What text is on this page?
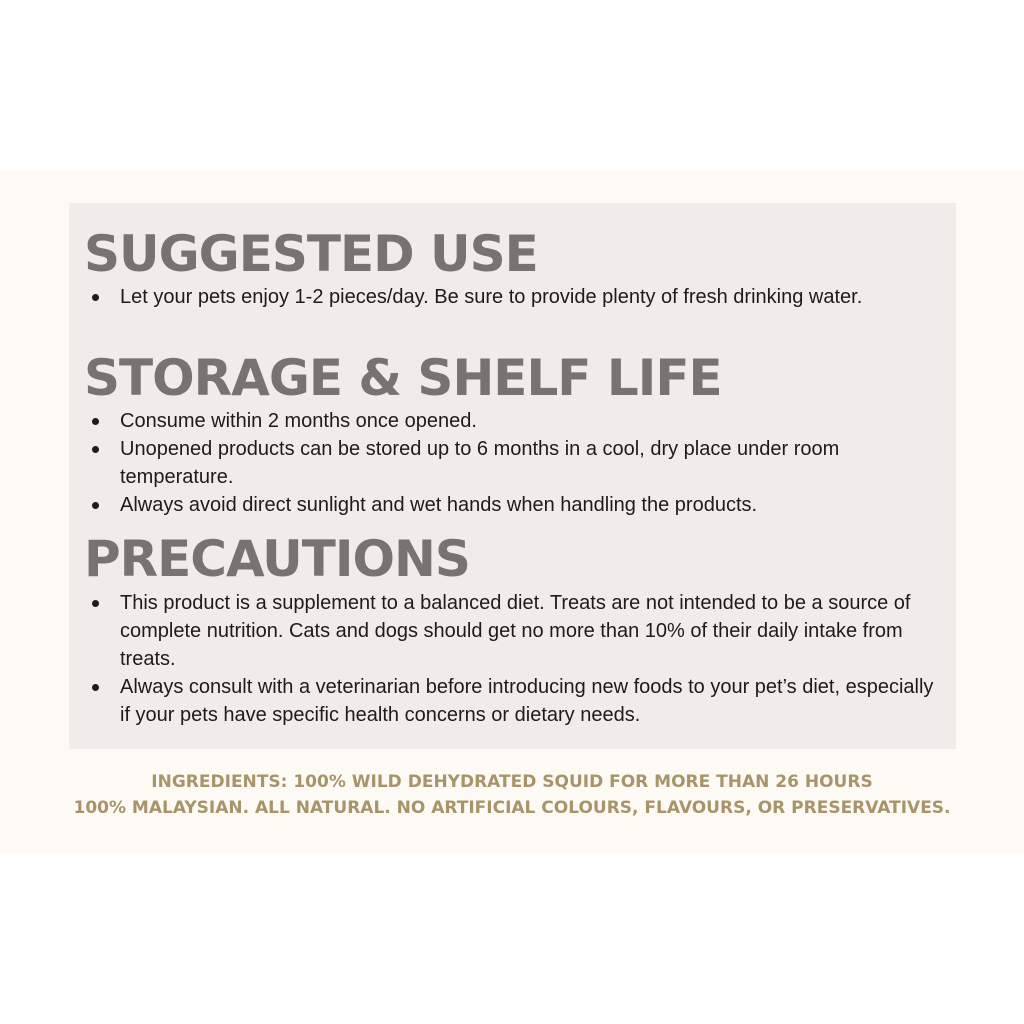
SUGGESTED USE
Let your pets enjoy 1-2 pieces/day. Be sure to provide plenty of fresh drinking water.
STORAGE & SHELF LIFE
Consume within 2 months once opened.
Unopened products can be stored up to 6 months in a cool, dry place under room temperature.
Always avoid direct sunlight and wet hands when handling the products.
PRECAUTIONS
This product is a supplement to a balanced diet. Treats are not intended to be a source of complete nutrition. Cats and dogs should get no more than 10% of their daily intake from treats.
Always consult with a veterinarian before introducing new foods to your pet’s diet, especially if your pets have specific health concerns or dietary needs.
INGREDIENTS: 100% WILD DEHYDRATED SQUID FOR MORE THAN 26 HOURS
100% MALAYSIAN. ALL NATURAL. NO ARTIFICIAL COLOURS, FLAVOURS, OR PRESERVATIVES.
